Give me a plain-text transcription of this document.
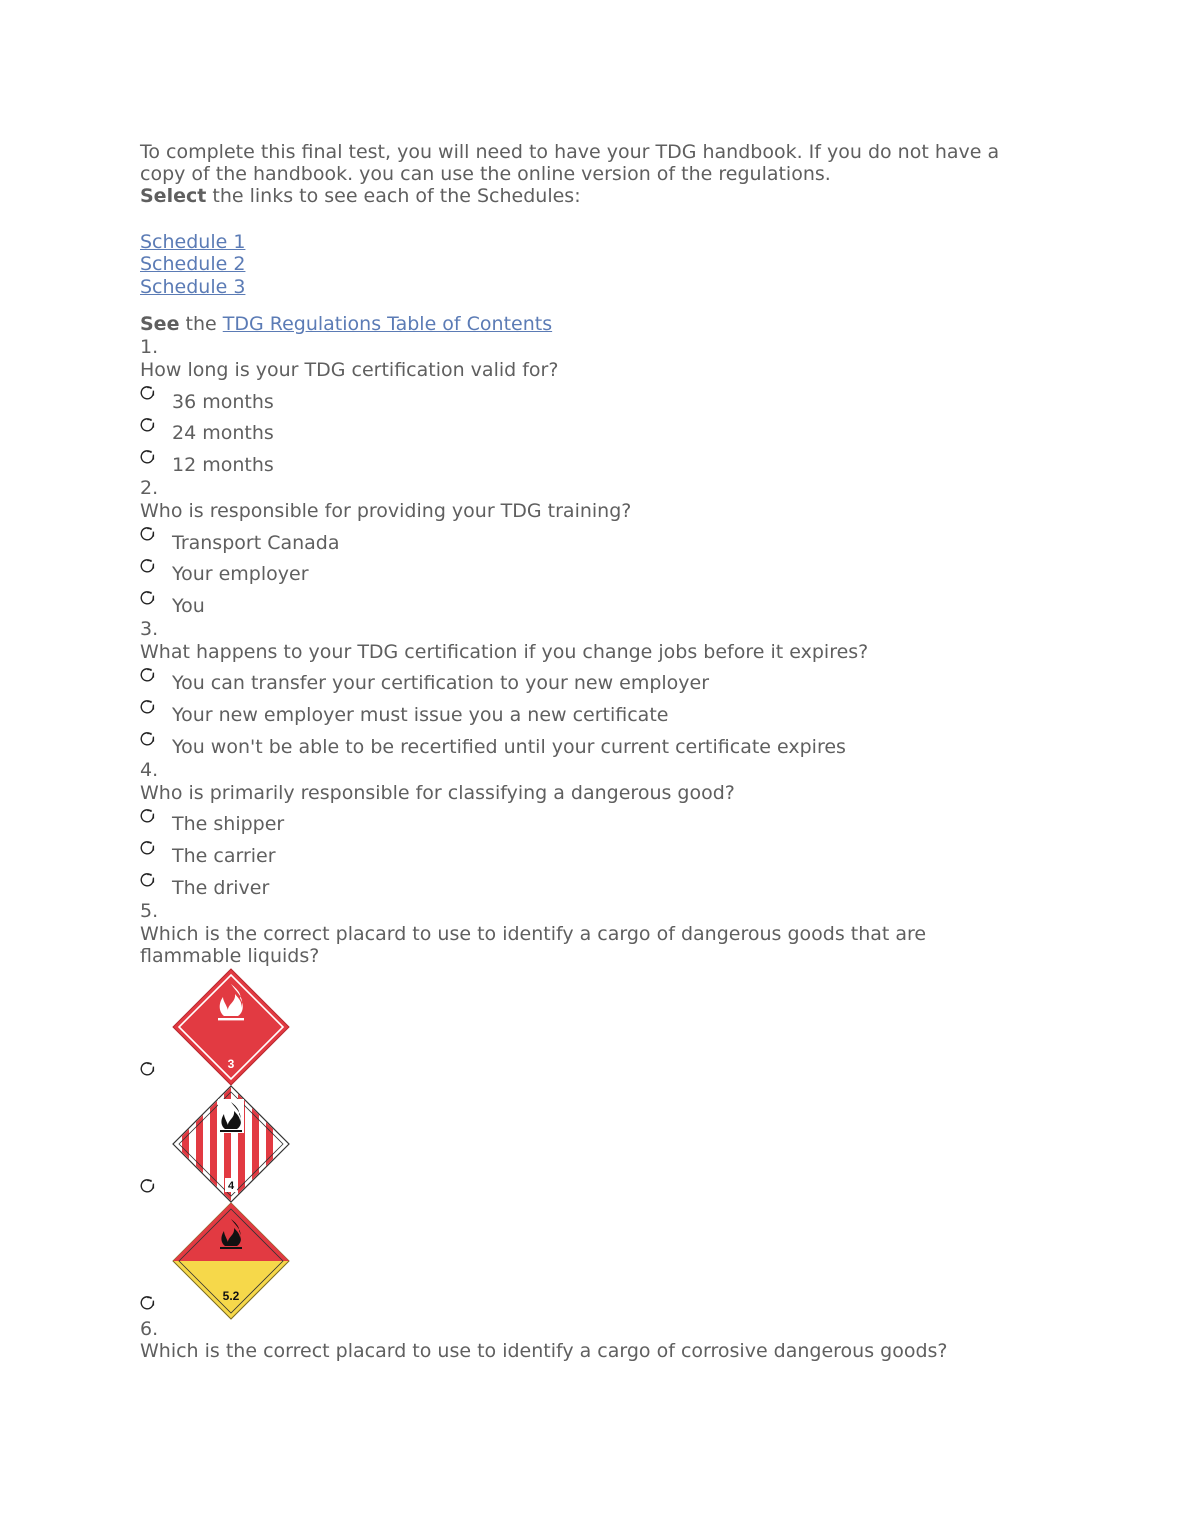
To complete this final test, you will need to have your TDG handbook. If you do not have a
copy of the handbook. you can use the online version of the regulations.
Select the links to see each of the Schedules:
Schedule 1
Schedule 2
Schedule 3
See the TDG Regulations Table of Contents
1.
How long is your TDG certification valid for?
36 months
24 months
12 months
2.
Who is responsible for providing your TDG training?
Transport Canada
Your employer
You
3.
What happens to your TDG certification if you change jobs before it expires?
You can transfer your certification to your new employer
Your new employer must issue you a new certificate
You won't be able to be recertified until your current certificate expires
4.
Who is primarily responsible for classifying a dangerous good?
The shipper
The carrier
The driver
5.
Which is the correct placard to use to identify a cargo of dangerous goods that are
flammable liquids?
3
4
5.2
6.
Which is the correct placard to use to identify a cargo of corrosive dangerous goods?
